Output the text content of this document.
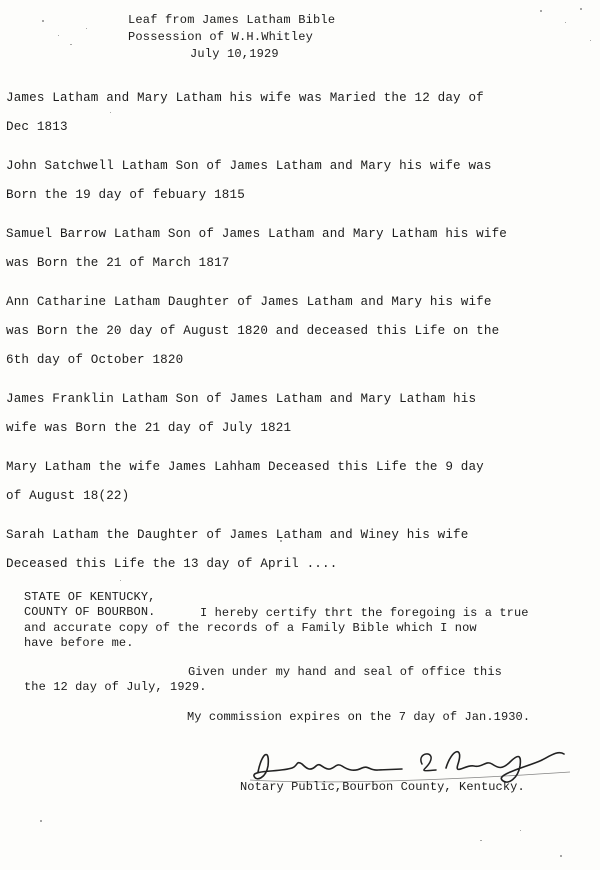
Leaf from James Latham Bible
Possession of W.H.Whitley
July 10,1929
James Latham and Mary Latham his wife was Maried the 12 day of
Dec 1813
John Satchwell Latham Son of James Latham and Mary his wife was
Born the 19 day of febuary 1815
Samuel Barrow Latham Son of James Latham and Mary Latham his wife
was Born the 21 of March 1817
Ann Catharine Latham Daughter of James Latham and Mary his wife
was Born the 20 day of August 1820 and deceased this Life on the
6th day of October 1820
James Franklin Latham Son of James Latham and Mary Latham his
wife was Born the 21 day of July 1821
Mary Latham the wife James Lahham Deceased this Life the 9 day
of August 18(22)
Sarah Latham the Daughter of James Latham and Winey his wife
Deceased this Life the 13 day of April ....
STATE OF KENTUCKY,
COUNTY OF BOURBON.	I hereby certify thrt the foregoing is a true
and accurate copy of the records of a Family Bible which I now
have before me.
Given under my hand and seal of office this
the 12 day of July, 1929.
My commission expires on the 7 day of Jan.1930.
Notary Public,Bourbon County, Kentucky.
